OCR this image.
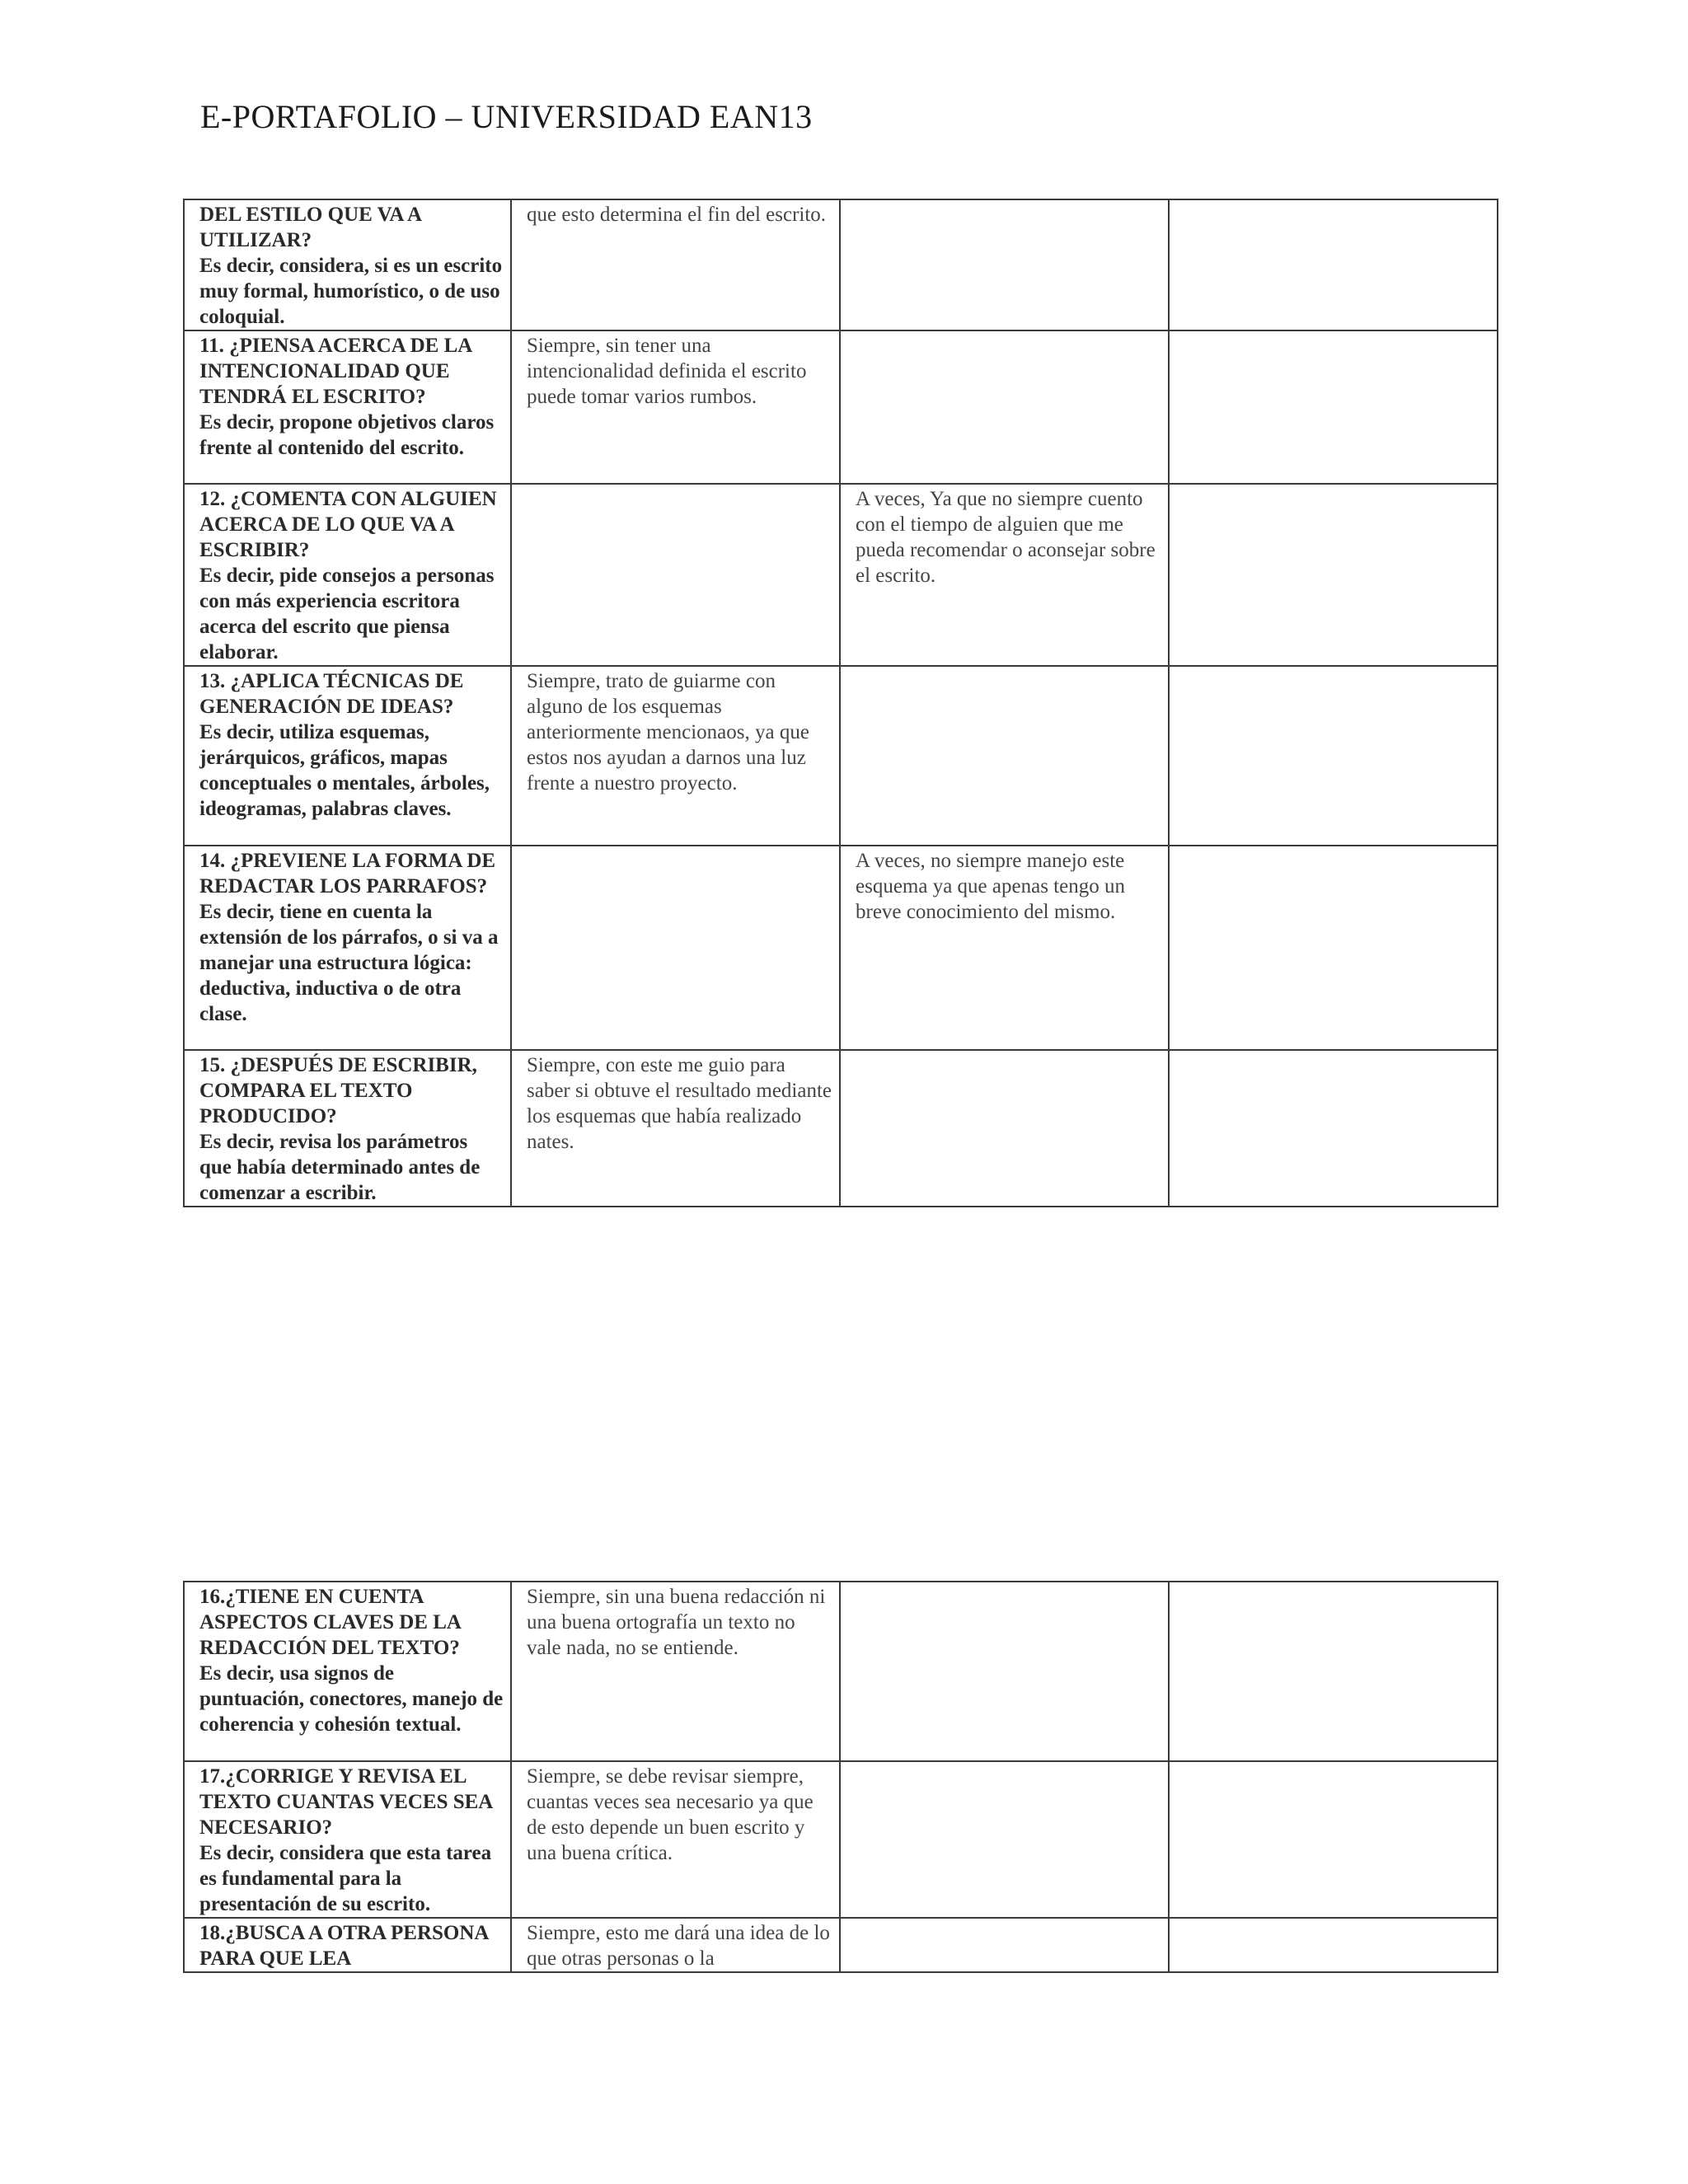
E-PORTAFOLIO – UNIVERSIDAD EAN13
DEL ESTILO QUE VA A UTILIZAR?
Es decir, considera, si es un escrito muy formal, humorístico, o de uso coloquial.	que esto determina el fin del escrito.		

11. ¿PIENSA ACERCA DE LA INTENCIONALIDAD QUE TENDRÁ EL ESCRITO?
Es decir, propone objetivos claros frente al contenido del escrito.	Siempre, sin tener una intencionalidad definida el escrito puede tomar varios rumbos.		

12. ¿COMENTA CON ALGUIEN ACERCA DE LO QUE VA A ESCRIBIR?
Es decir, pide consejos a personas con más experiencia escritora acerca del escrito que piensa elaborar.		A veces, Ya que no siempre cuento con el tiempo de alguien que me pueda recomendar o aconsejar sobre el escrito.	

13. ¿APLICA TÉCNICAS DE GENERACIÓN DE IDEAS?
Es decir, utiliza esquemas, jerárquicos, gráficos, mapas conceptuales o mentales, árboles, ideogramas, palabras claves.	Siempre, trato de guiarme con alguno de los esquemas anteriormente mencionaos, ya que estos nos ayudan a darnos una luz frente a nuestro proyecto.		

14. ¿PREVIENE LA FORMA DE REDACTAR LOS PARRAFOS?
Es decir, tiene en cuenta la extensión de los párrafos, o si va a manejar una estructura lógica: deductiva, inductiva o de otra clase.		A veces, no siempre manejo este esquema ya que apenas tengo un breve conocimiento del mismo.	

15. ¿DESPUÉS DE ESCRIBIR, COMPARA EL TEXTO PRODUCIDO?
Es decir, revisa los parámetros que había determinado antes de comenzar a escribir.	Siempre, con este me guio para saber si obtuve el resultado mediante los esquemas que había realizado nates.		
16.¿TIENE EN CUENTA ASPECTOS CLAVES DE LA REDACCIÓN DEL TEXTO?
Es decir, usa signos de puntuación, conectores, manejo de coherencia y cohesión textual.	Siempre, sin una buena redacción ni una buena ortografía un texto no vale nada, no se entiende.		

17.¿CORRIGE Y REVISA EL TEXTO CUANTAS VECES SEA NECESARIO?
Es decir, considera que esta tarea es fundamental para la presentación de su escrito.	Siempre, se debe revisar siempre, cuantas veces sea necesario ya que de esto depende un buen escrito y una buena crítica.		

18.¿BUSCA A OTRA PERSONA PARA QUE LEA	Siempre, esto me dará una idea de lo que otras personas o la		
